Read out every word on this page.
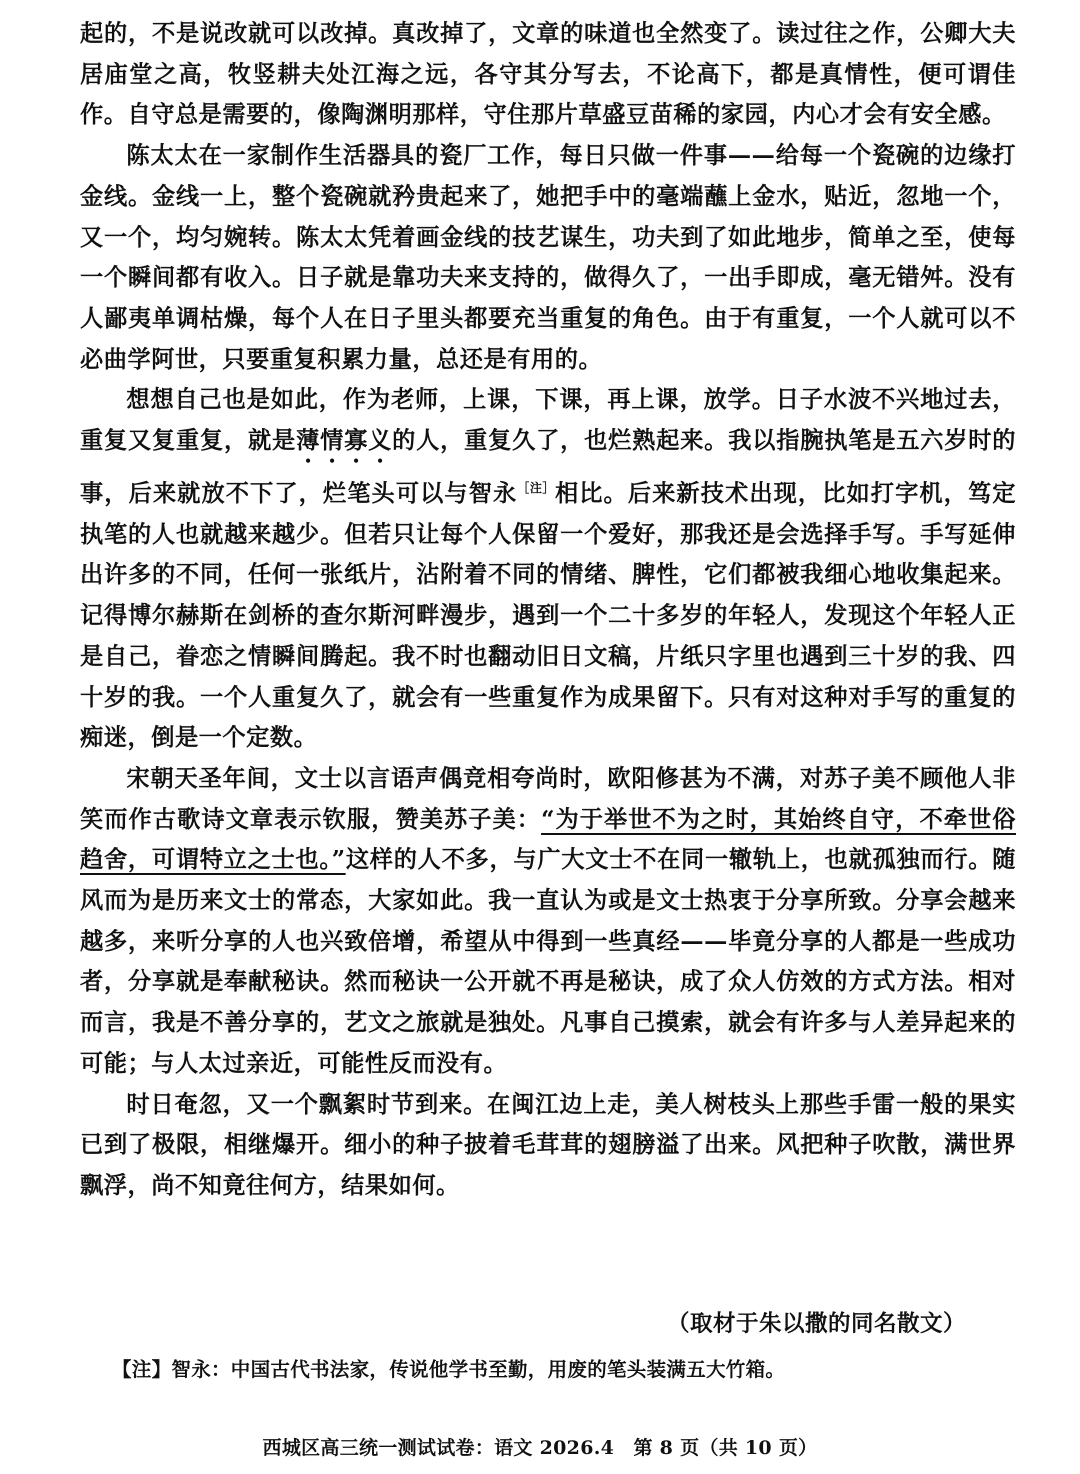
起的，不是说改就可以改掉。真改掉了，文章的味道也全然变了。读过往之作，公卿大夫居庙堂之高，牧竖耕夫处江海之远，各守其分写去，不论高下，都是真情性，便可谓佳作。自守总是需要的，像陶渊明那样，守住那片草盛豆苗稀的家园，内心才会有安全感。

陈太太在一家制作生活器具的瓷厂工作，每日只做一件事——给每一个瓷碗的边缘打金线。金线一上，整个瓷碗就矜贵起来了，她把手中的毫端蘸上金水，贴近，忽地一个，又一个，均匀婉转。陈太太凭着画金线的技艺谋生，功夫到了如此地步，简单之至，使每一个瞬间都有收入。日子就是靠功夫来支持的，做得久了，一出手即成，毫无错舛。没有人鄙夷单调枯燥，每个人在日子里头都要充当重复的角色。由于有重复，一个人就可以不必曲学阿世，只要重复积累力量，总还是有用的。

想想自己也是如此，作为老师，上课，下课，再上课，放学。日子水波不兴地过去，重复又复重复，就是薄情寡义的人，重复久了，也烂熟起来。我以指腕执笔是五六岁时的事，后来就放不下了，烂笔头可以与智永$^{[注]}$相比。后来新技术出现，比如打字机，笃定执笔的人也就越来越少。但若只让每个人保留一个爱好，那我还是会选择手写。手写延伸出许多的不同，任何一张纸片，沾附着不同的情绪、脾性，它们都被我细心地收集起来。记得博尔赫斯在剑桥的查尔斯河畔漫步，遇到一个二十多岁的年轻人，发现这个年轻人正是自己，眷恋之情瞬间腾起。我不时也翻动旧日文稿，片纸只字里也遇到三十岁的我、四十岁的我。一个人重复久了，就会有一些重复作为成果留下。只有对这种对手写的重复的痴迷，倒是一个定数。

宋朝天圣年间，文士以言语声偶竞相夸尚时，欧阳修甚为不满，对苏子美不顾他人非笑而作古歌诗文章表示钦服，赞美苏子美：“为于举世不为之时，其始终自守，不牵世俗趋舍，可谓特立之士也。”这样的人不多，与广大文士不在同一辙轨上，也就孤独而行。随风而为是历来文士的常态，大家如此。我一直认为或是文士热衷于分享所致。分享会越来越多，来听分享的人也兴致倍增，希望从中得到一些真经——毕竟分享的人都是一些成功者，分享就是奉献秘诀。然而秘诀一公开就不再是秘诀，成了众人仿效的方式方法。相对而言，我是不善分享的，艺文之旅就是独处。凡事自己摸索，就会有许多与人差异起来的可能；与人太过亲近，可能性反而没有。

时日奄忽，又一个飘絮时节到来。在闽江边上走，美人树枝头上那些手雷一般的果实已到了极限，相继爆开。细小的种子披着毛茸茸的翅膀溢了出来。风把种子吹散，满世界飘浮，尚不知竟往何方，结果如何。

（取材于朱以撒的同名散文）
【注】智永：中国古代书法家，传说他学书至勤，用废的笔头装满五大竹箱。
西城区高三统一测试试卷：语文 2026.4　第 8 页（共 10 页）
